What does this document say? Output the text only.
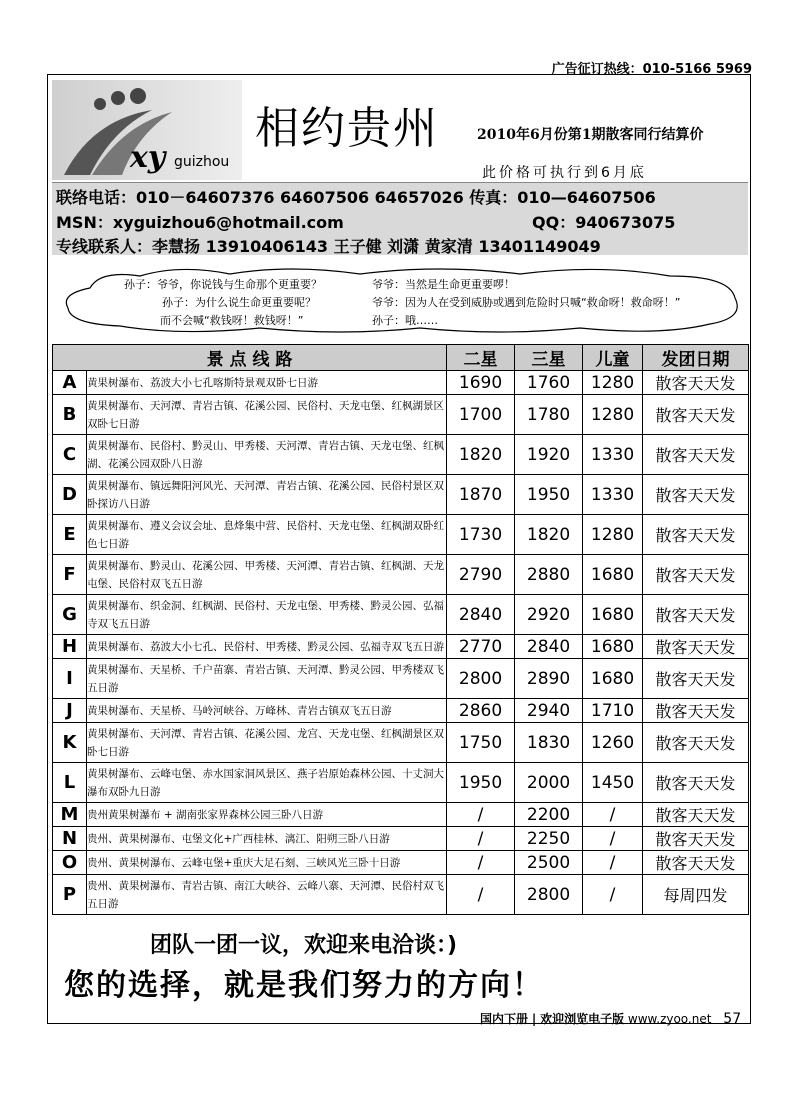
广告征订热线：010-5166 5969
xy guizhou
相约贵州	2010年6月份第1期散客同行结算价
此价格可执行到6月底
联络电话：010－64607376 64607506 64657026 传真：010—64607506
MSN：xyguizhou6@hotmail.com	QQ：940673075
专线联系人：李慧扬 13910406143 王子健 刘潇 黄家清 13401149049
孙子：爷爷，你说钱与生命那个更重要？	爷爷：当然是生命更重要啰！
孙子：为什么说生命更重要呢？	爷爷：因为人在受到威胁或遇到危险时只喊“救命呀！救命呀！”
而不会喊“救钱呀！救钱呀！”	孙子：哦……
景 点 线 路		二星	三星	儿童	发团日期
A	黄果树瀑布、荔波大小七孔喀斯特景观双卧七日游	1690	1760	1280	散客天天发
B	黄果树瀑布、天河潭、青岩古镇、花溪公园、民俗村、天龙屯堡、红枫湖景区双卧七日游	1700	1780	1280	散客天天发
C	黄果树瀑布、民俗村、黔灵山、甲秀楼、天河潭、青岩古镇、天龙屯堡、红枫湖、花溪公园双卧八日游	1820	1920	1330	散客天天发
D	黄果树瀑布、镇远舞阳河风光、天河潭、青岩古镇、花溪公园、民俗村景区双卧探访八日游	1870	1950	1330	散客天天发
E	黄果树瀑布、遵义会议会址、息烽集中营、民俗村、天龙屯堡、红枫湖双卧红色七日游	1730	1820	1280	散客天天发
F	黄果树瀑布、黔灵山、花溪公园、甲秀楼、天河潭、青岩古镇、红枫湖、天龙屯堡、民俗村双飞五日游	2790	2880	1680	散客天天发
G	黄果树瀑布、织金洞、红枫湖、民俗村、天龙屯堡、甲秀楼、黔灵公园、弘福寺双飞五日游	2840	2920	1680	散客天天发
H	黄果树瀑布、荔波大小七孔、民俗村、甲秀楼、黔灵公园、弘福寺双飞五日游	2770	2840	1680	散客天天发
I	黄果树瀑布、天星桥、千户苗寨、青岩古镇、天河潭、黔灵公园、甲秀楼双飞五日游	2800	2890	1680	散客天天发
J	黄果树瀑布、天星桥、马岭河峡谷、万峰林、青岩古镇双飞五日游	2860	2940	1710	散客天天发
K	黄果树瀑布、天河潭、青岩古镇、花溪公园、龙宫、天龙屯堡、红枫湖景区双卧七日游	1750	1830	1260	散客天天发
L	黄果树瀑布、云峰屯堡、赤水国家洞风景区、燕子岩原始森林公园、十丈洞大瀑布双卧九日游	1950	2000	1450	散客天天发
M	贵州黄果树瀑布 + 湖南张家界森林公园三卧八日游	/	2200	/	散客天天发
N	贵州、黄果树瀑布、屯堡文化+广西桂林、漓江、阳朔三卧八日游	/	2250	/	散客天天发
O	贵州、黄果树瀑布、云峰屯堡+重庆大足石刻、三峡风光三卧十日游	/	2500	/	散客天天发
P	贵州、黄果树瀑布、青岩古镇、南江大峡谷、云峰八寨、天河潭、民俗村双飞五日游	/	2800	/	每周四发
团队一团一议，欢迎来电洽谈：)
您的选择，就是我们努力的方向！
国内下册 | 欢迎浏览电子版 www.zyoo.net 57
